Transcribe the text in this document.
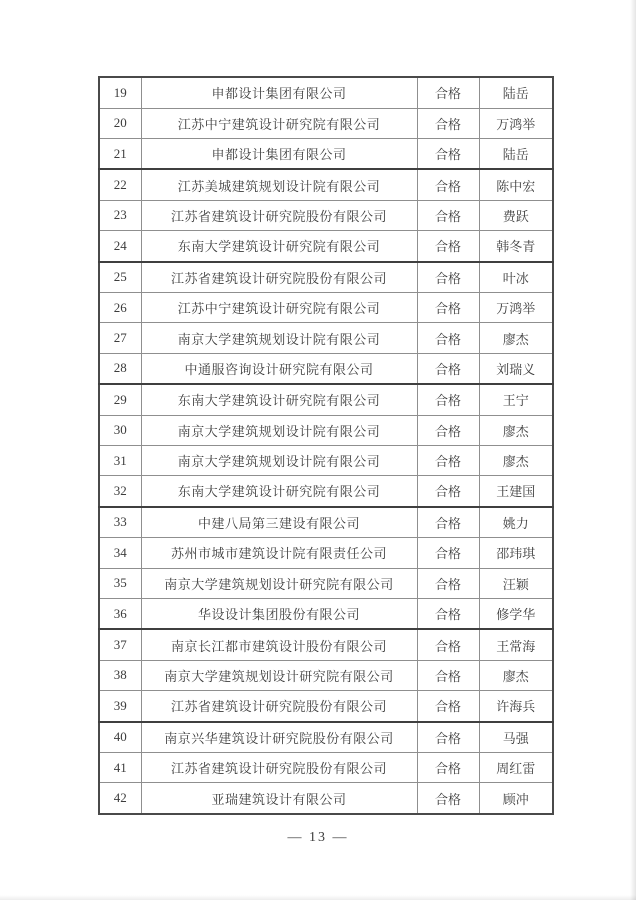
19	申都设计集团有限公司	合格	陆岳
20	江苏中宁建筑设计研究院有限公司	合格	万鸿举
21	申都设计集团有限公司	合格	陆岳
22	江苏美城建筑规划设计院有限公司	合格	陈中宏
23	江苏省建筑设计研究院股份有限公司	合格	费跃
24	东南大学建筑设计研究院有限公司	合格	韩冬青
25	江苏省建筑设计研究院股份有限公司	合格	叶冰
26	江苏中宁建筑设计研究院有限公司	合格	万鸿举
27	南京大学建筑规划设计院有限公司	合格	廖杰
28	中通服咨询设计研究院有限公司	合格	刘瑞义
29	东南大学建筑设计研究院有限公司	合格	王宁
30	南京大学建筑规划设计院有限公司	合格	廖杰
31	南京大学建筑规划设计院有限公司	合格	廖杰
32	东南大学建筑设计研究院有限公司	合格	王建国
33	中建八局第三建设有限公司	合格	姚力
34	苏州市城市建筑设计院有限责任公司	合格	邵玮琪
35	南京大学建筑规划设计研究院有限公司	合格	汪颖
36	华设设计集团股份有限公司	合格	修学华
37	南京长江都市建筑设计股份有限公司	合格	王常海
38	南京大学建筑规划设计研究院有限公司	合格	廖杰
39	江苏省建筑设计研究院股份有限公司	合格	许海兵
40	南京兴华建筑设计研究院股份有限公司	合格	马强
41	江苏省建筑设计研究院股份有限公司	合格	周红雷
42	亚瑞建筑设计有限公司	合格	顾冲
— 13 —
